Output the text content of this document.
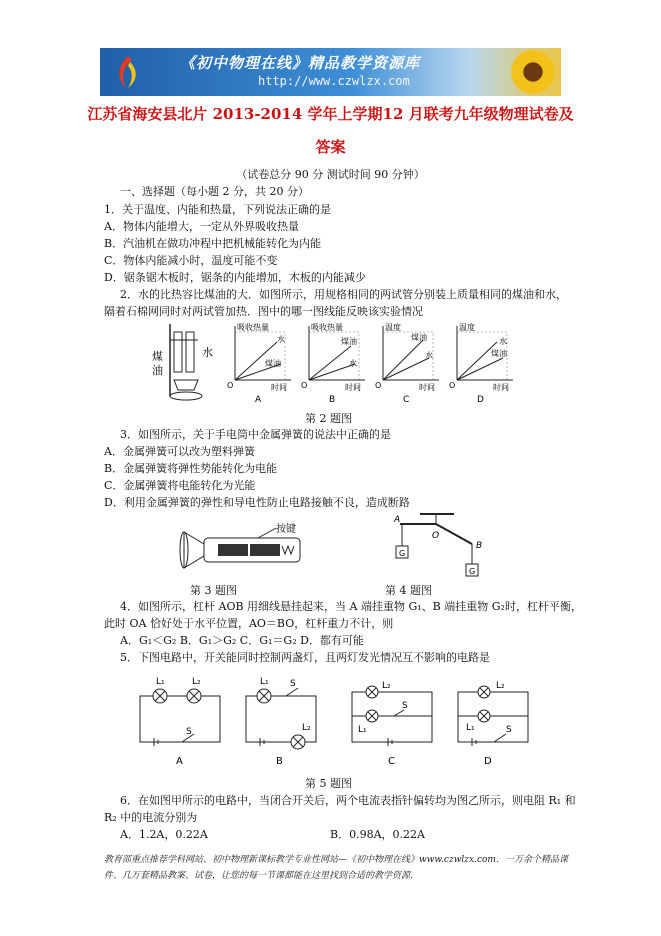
《初中物理在线》精品教学资源库
http://www.czwlzx.com
江苏省海安县北片 2013-2014 学年上学期12 月联考九年级物理试卷及
答案
（试卷总分 90 分 测试时间 90 分钟）
一、选择题（每小题 2 分，共 20 分）
1．关于温度、内能和热量，下列说法正确的是
A．物体内能增大，一定从外界吸收热量
B．汽油机在做功冲程中把机械能转化为内能
C．物体内能减小时，温度可能不变
D．锯条锯木板时，锯条的内能增加，木板的内能减少
2．水的比热容比煤油的大．如图所示，用规格相同的两试管分别装上质量相同的煤油和水，
隔着石棉网同时对两试管加热．图中的哪一图线能反映该实验情况
煤
油
水
吸收热量
水
煤油
O	时间
A
吸收热量
煤油
水
O	时间
B
温度
煤油
水
O	时间
C
温度
水
煤油
O	时间
D
第 2 题图
3．如图所示，关于手电筒中金属弹簧的说法中正确的是
A．金属弹簧可以改为塑料弹簧
B．金属弹簧将弹性势能转化为电能
C．金属弹簧将电能转化为光能
D．利用金属弹簧的弹性和导电性防止电路接触不良，造成断路
按键
第 3 题图
A
O
B
G
G
第 4 题图
4．如图所示，杠杆 AOB 用细线悬挂起来，当 A 端挂重物 G₁、B 端挂重物 G₂时，杠杆平衡，
此时 OA 恰好处于水平位置，AO＝BO，杠杆重力不计，则
A．G₁＜G₂ B．G₁＞G₂ C．G₁＝G₂ D．都有可能
5．下图电路中，开关能同时控制两盏灯，且两灯发光情况互不影响的电路是
L₁	L₂
S
A
L₁ S
L₂
B
L₂
L₁
S
C
L₂
L₁	S
D
第 5 题图
6．在如图甲所示的电路中，当闭合开关后，两个电流表指针偏转均为图乙所示，则电阻 R₁ 和
R₂ 中的电流分别为
A．1.2A，0.22A	B．0.98A，0.22A
教育部重点推荐学科网站、初中物理新课标教学专业性网站—《初中物理在线》www.czwlzx.com．一万余个精品课
件、几万套精品教案、试卷，让您的每一节课都能在这里找到合适的教学资源．
